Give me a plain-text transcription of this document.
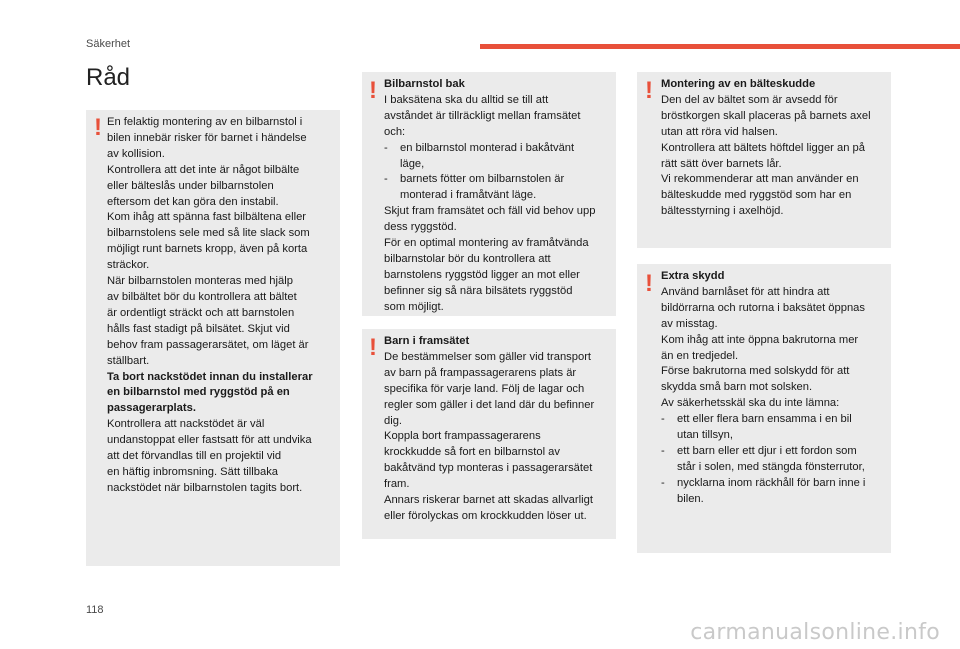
Säkerhet
Råd
! En felaktig montering av en bilbarnstol i

bilen innebär risker för barnet i händelse

av kollision.

Kontrollera att det inte är något bilbälte

eller bälteslås under bilbarnstolen

eftersom det kan göra den instabil.

Kom ihåg att spänna fast bilbältena eller

bilbarnstolens sele med så lite slack som

möjligt runt barnets kropp, även på korta

sträckor.

När bilbarnstolen monteras med hjälp

av bilbältet bör du kontrollera att bältet

är ordentligt sträckt och att barnstolen

hålls fast stadigt på bilsätet. Skjut vid

behov fram passagerarsätet, om läget är

ställbart.

Ta bort nackstödet innan du installerar

en bilbarnstol med ryggstöd på en

passagerarplats.

Kontrollera att nackstödet är väl

undanstoppat eller fastsatt för att undvika

att det förvandlas till en projektil vid

en häftig inbromsning. Sätt tillbaka

nackstödet när bilbarnstolen tagits bort.

! Bilbarnstol bak

I baksätena ska du alltid se till att

avståndet är tillräckligt mellan framsätet

och:

-	en bilbarnstol monterad i bakåtvänt

läge,

-	barnets fötter om bilbarnstolen är

monterad i framåtvänt läge.

Skjut fram framsätet och fäll vid behov upp

dess ryggstöd.

För en optimal montering av framåtvända

bilbarnstolar bör du kontrollera att

barnstolens ryggstöd ligger an mot eller

befinner sig så nära bilsätets ryggstöd

som möjligt.

! Barn i framsätet

De bestämmelser som gäller vid transport

av barn på frampassagerarens plats är

specifika för varje land. Följ de lagar och

regler som gäller i det land där du befinner

dig.

Koppla bort frampassagerarens

krockkudde så fort en bilbarnstol av

bakåtvänd typ monteras i passagerarsätet

fram.

Annars riskerar barnet att skadas allvarligt

eller förolyckas om krockkudden löser ut.

! Montering av en bälteskudde

Den del av bältet som är avsedd för

bröstkorgen skall placeras på barnets axel

utan att röra vid halsen.

Kontrollera att bältets höftdel ligger an på

rätt sätt över barnets lår.

Vi rekommenderar att man använder en

bälteskudde med ryggstöd som har en

bältesstyrning i axelhöjd.

! Extra skydd

Använd barnlåset för att hindra att

bildörrarna och rutorna i baksätet öppnas

av misstag.

Kom ihåg att inte öppna bakrutorna mer

än en tredjedel.

Förse bakrutorna med solskydd för att

skydda små barn mot solsken.

Av säkerhetsskäl ska du inte lämna:

-	ett eller flera barn ensamma i en bil

utan tillsyn,

-	ett barn eller ett djur i ett fordon som

står i solen, med stängda fönsterrutor,

-	nycklarna inom räckhåll för barn inne i

bilen.

118
carmanualsonline.info
